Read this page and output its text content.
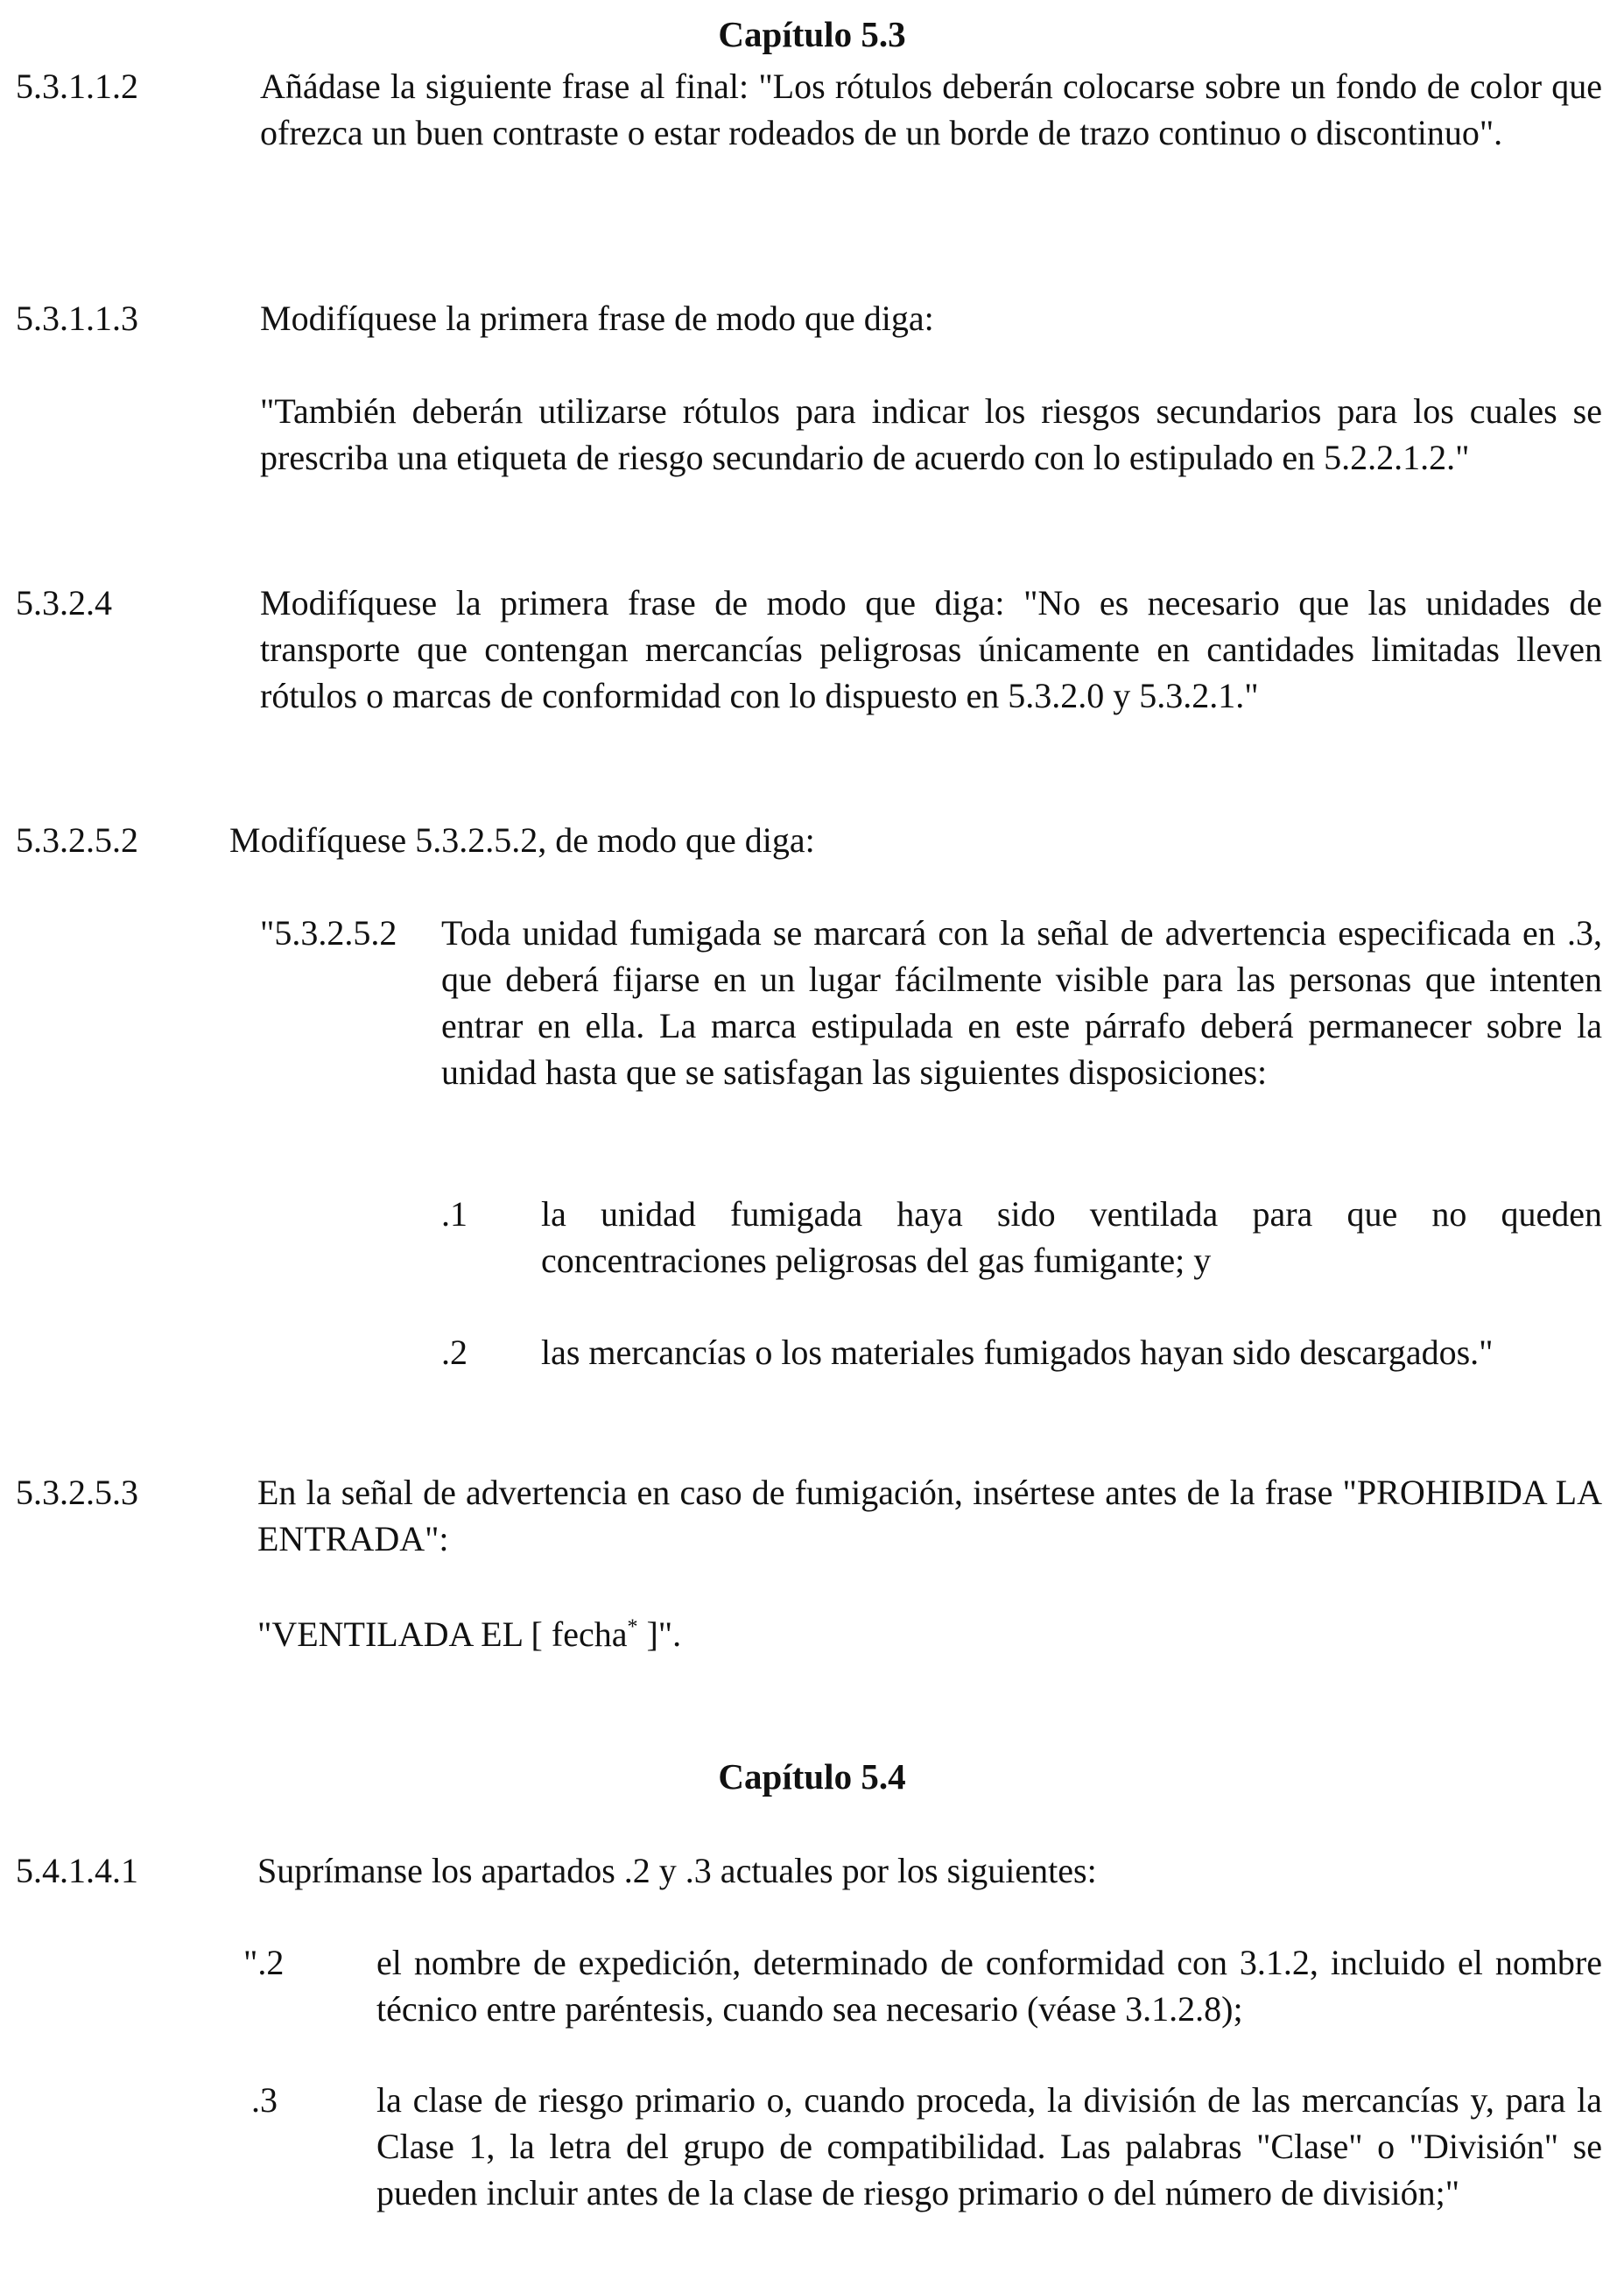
Capítulo 5.3
5.3.1.1.2	Añádase la siguiente frase al final: "Los rótulos deberán colocarse sobre un fondo de color que ofrezca un buen contraste o estar rodeados de un borde de trazo continuo o discontinuo".
5.3.1.1.3	Modifíquese la primera frase de modo que diga:
"También deberán utilizarse rótulos para indicar los riesgos secundarios para los cuales se prescriba una etiqueta de riesgo secundario de acuerdo con lo estipulado en 5.2.2.1.2."
5.3.2.4	Modifíquese la primera frase de modo que diga: "No es necesario que las unidades de transporte que contengan mercancías peligrosas únicamente en cantidades limitadas lleven rótulos o marcas de conformidad con lo dispuesto en 5.3.2.0 y 5.3.2.1."
5.3.2.5.2	Modifíquese 5.3.2.5.2, de modo que diga:
"5.3.2.5.2 Toda unidad fumigada se marcará con la señal de advertencia especificada en .3, que deberá fijarse en un lugar fácilmente visible para las personas que intenten entrar en ella. La marca estipulada en este párrafo deberá permanecer sobre la unidad hasta que se satisfagan las siguientes disposiciones:
.1 la unidad fumigada haya sido ventilada para que no queden concentraciones peligrosas del gas fumigante; y
.2 las mercancías o los materiales fumigados hayan sido descargados."
5.3.2.5.3	En la señal de advertencia en caso de fumigación, insértese antes de la frase "PROHIBIDA LA ENTRADA":
"VENTILADA EL [ fecha* ]".
Capítulo 5.4
5.4.1.4.1	Suprímanse los apartados .2 y .3 actuales por los siguientes:
".2	el nombre de expedición, determinado de conformidad con 3.1.2, incluido el nombre técnico entre paréntesis, cuando sea necesario (véase 3.1.2.8);
.3	la clase de riesgo primario o, cuando proceda, la división de las mercancías y, para la Clase 1, la letra del grupo de compatibilidad. Las palabras "Clase" o "División" se pueden incluir antes de la clase de riesgo primario o del número de división;"
